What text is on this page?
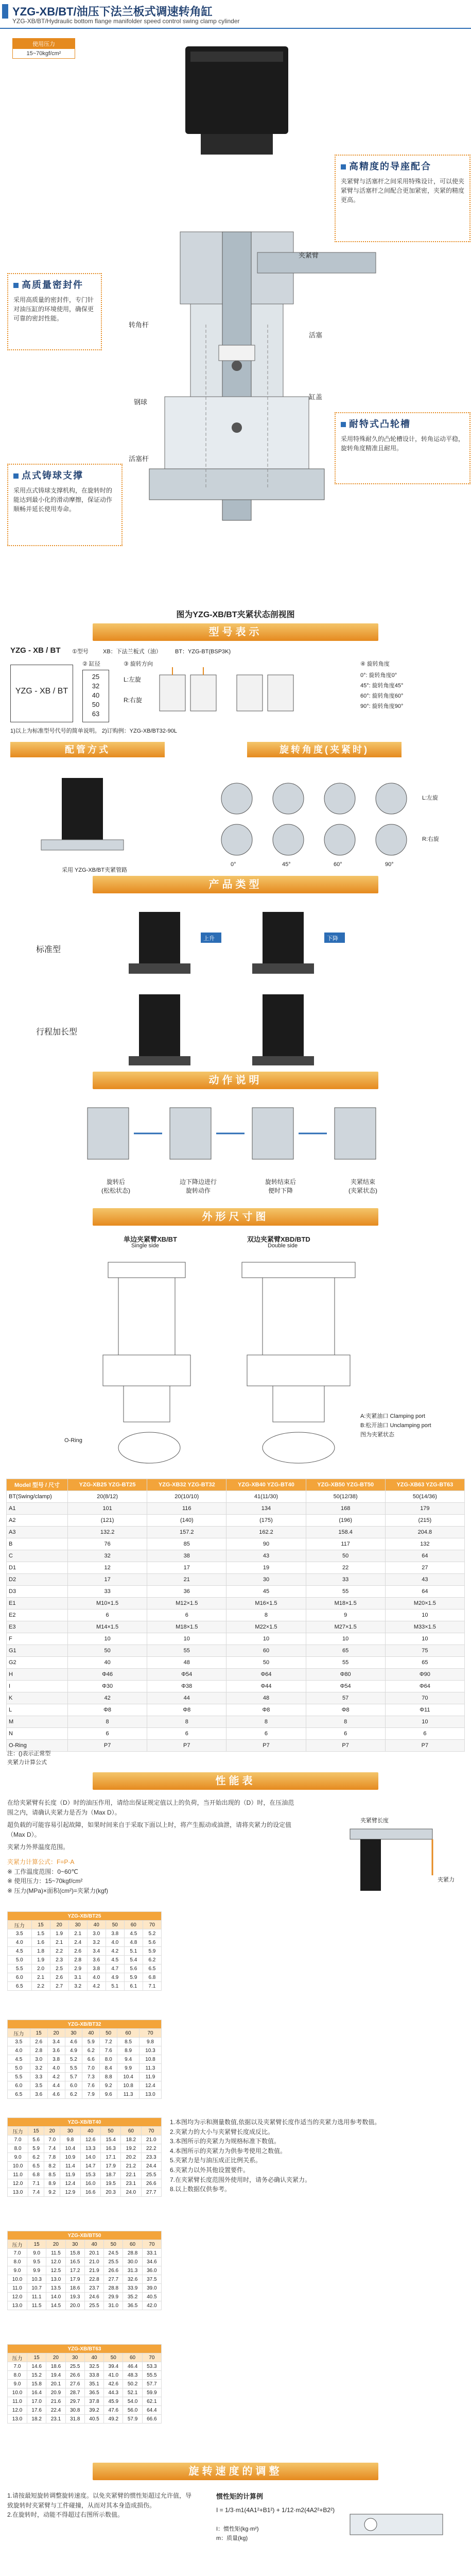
YZG-XB/BT/油压下法兰板式调速转角缸
YZG-XB/BT/Hydraulic bottom flange manifolder speed control swing clamp cylinder
使用压力
15~70kgf/cm²
夹紧臂
活塞
缸盖
转角杆
钢球
活塞杆
高质量密封件

采用高质量的密封件，专门针对油压缸的环境使用，确保更可靠的密封性能。

高精度的导座配合

夹紧臂与活塞杆之间采用特殊设计，可以使夹紧臂与活塞杆之间配合更加紧密，夹紧的精度更高。

耐特式凸轮槽

采用特殊耐久的凸轮槽设计，转角运动平稳，旋转角度精准且耐用。

点式铸球支撑

采用点式铸球支撑机构，在旋转时的能达到最小化的滑动摩擦，保证动作顺畅并延长使用寿命。

图为YZG-XB/BT夹紧状态剖视图
型号表示
YZG - XB / BT ①型号	XB：下法兰板式（油） BT：YZG-BT(BSP3K)
YZG - XB / BT
② 缸径
25
32
40
50
63
③ 旋转方向
L:左旋
R:右旋
④ 旋转角度
0°: 旋转角度0°
45°: 旋转角度45°
60°: 旋转角度60°
90°: 旋转角度90°
1)以上为标准型号代号的简单说明。 2)订购例：YZG-XB/BT32-90L
配管方式	旋转角度(夹紧时)
采用 YZG-XB/BT夹紧管路
0°	45°	60°	90°
L:左旋
R:右旋
产品类型
标准型
行程加长型
上升	下降
动作说明
旋转后
(松松状态)
边下降边进行
旋转动作
旋转结束后
便时下降
夹紧结束
(夹紧状态)
外形尺寸图
单边夹紧臂XB/BT
Single side
双边夹紧臂XBD/BTD
Double side
O-Ring
A:夹紧油口 Clamping port
B:松开油口 Unclamping port
图为夹紧状态
Model 型号 / 尺寸	YZG-XB25 YZG-BT25	YZG-XB32 YZG-BT32	YZG-XB40 YZG-BT40	YZG-XB50 YZG-BT50	YZG-XB63 YZG-BT63
BT(Swing/clamp)	20(8/12)	20(10/10)	41(11/30)	50(12/38)	50(14/36)
A1	101	116	134	168	179
A2	(121)	(140)	(175)	(196)	(215)
A3	132.2	157.2	162.2	158.4	204.8
B	76	85	90	117	132
C	32	38	43	50	64
D1	12	17	19	22	27
D2	17	21	30	33	43
D3	33	36	45	55	64
E1	M10×1.5	M12×1.5	M16×1.5	M18×1.5	M20×1.5
E2	6	6	8	9	10
E3	M14×1.5	M18×1.5	M22×1.5	M27×1.5	M33×1.5
F	10	10	10	10	10
G1	50	55	60	65	75
G2	40	48	50	55	65
H	Φ46	Φ54	Φ64	Φ80	Φ90
I	Φ30	Φ38	Φ44	Φ54	Φ64
K	42	44	48	57	70
L	Φ8	Φ8	Φ8	Φ8	Φ11
M	8	8	8	8	10
N	6	6	6	6	6
O-Ring	P7	P7	P7	P7	P7
注：()表示正常型
夹紧力计算公式
性能表
在给夹紧臂有长度（D）时的油压作用，请给出保证规定值以上的负荷，当开始出现的（D）时，在压油范围之内，请确认夹紧力是否为（Max D）。
超负载的可能容易引起故障，如果时间来自于采取下面以上时，将产生振动或油泄，请将夹紧力的设定值（Max D）。
夹紧力外界温度范围。
夹紧力计算公式：F=P·A
※ 工作温度范围：0~60℃
※ 使用压力：15~70kgf/cm²
※ 压力(MPa)×面积(cm²)=夹紧力(kgf)
夹紧臂长度
夹紧力
YZG-XB/BT25							
压力	15	20	30	40	50	60	70
3.5	1.5	1.9	2.1	3.0	3.8	4.5	5.2
4.0	1.6	2.1	2.4	3.2	4.0	4.8	5.6
4.5	1.8	2.2	2.6	3.4	4.2	5.1	5.9
5.0	1.9	2.3	2.8	3.6	4.5	5.4	6.2
5.5	2.0	2.5	2.9	3.8	4.7	5.6	6.5
6.0	2.1	2.6	3.1	4.0	4.9	5.9	6.8
6.5	2.2	2.7	3.2	4.2	5.1	6.1	7.1
YZG-XB/BT32							
压力	15	20	30	40	50	60	70
3.5	2.6	3.4	4.6	5.9	7.2	8.5	9.8
4.0	2.8	3.6	4.9	6.2	7.6	8.9	10.3
4.5	3.0	3.8	5.2	6.6	8.0	9.4	10.8
5.0	3.2	4.0	5.5	7.0	8.4	9.9	11.3
5.5	3.3	4.2	5.7	7.3	8.8	10.4	11.9
6.0	3.5	4.4	6.0	7.6	9.2	10.8	12.4
6.5	3.6	4.6	6.2	7.9	9.6	11.3	13.0
YZG-XB/BT40							
压力	15	20	30	40	50	60	70
7.0	5.6	7.0	9.8	12.6	15.4	18.2	21.0
8.0	5.9	7.4	10.4	13.3	16.3	19.2	22.2
9.0	6.2	7.8	10.9	14.0	17.1	20.2	23.3
10.0	6.5	8.2	11.4	14.7	17.9	21.2	24.4
11.0	6.8	8.5	11.9	15.3	18.7	22.1	25.5
12.0	7.1	8.9	12.4	16.0	19.5	23.1	26.6
13.0	7.4	9.2	12.9	16.6	20.3	24.0	27.7
YZG-XB/BT50							
压力	15	20	30	40	50	60	70
7.0	9.0	11.5	15.8	20.1	24.5	28.8	33.1
8.0	9.5	12.0	16.5	21.0	25.5	30.0	34.6
9.0	9.9	12.5	17.2	21.9	26.6	31.3	36.0
10.0	10.3	13.0	17.9	22.8	27.7	32.6	37.5
11.0	10.7	13.5	18.6	23.7	28.8	33.9	39.0
12.0	11.1	14.0	19.3	24.6	29.9	35.2	40.5
13.0	11.5	14.5	20.0	25.5	31.0	36.5	42.0
YZG-XB/BT63							
压力	15	20	30	40	50	60	70
7.0	14.6	18.6	25.5	32.5	39.4	46.4	53.3
8.0	15.2	19.4	26.6	33.8	41.0	48.3	55.5
9.0	15.8	20.1	27.6	35.1	42.6	50.2	57.7
10.0	16.4	20.9	28.7	36.5	44.3	52.1	59.9
11.0	17.0	21.6	29.7	37.8	45.9	54.0	62.1
12.0	17.6	22.4	30.8	39.2	47.6	56.0	64.4
13.0	18.2	23.1	31.8	40.5	49.2	57.9	66.6
1.本图均为示和测量数值,依据以及夹紧臂长度作适当的夹紧力选用参考数值。
2.夹紧力的大小与夹紧臂长度成反比。
3.本图所示的夹紧力为规格标准下数值。
4.本图所示的夹紧力为供参考使用之数值。
5.夹紧力是与油压成正比例关系。
6.夹紧力以外其他设置要件。
7.在夹紧臂长度范围外使用时，请务必确认夹紧力。
8.以上数据仅供参考。
旋转速度的调整
1.请按最短旋转调整旋转速度。以免夹紧臂的惯性矩超过允许值，导致旋转时夹紧臂与工件碰撞，从而对其本身造成损伤。
2.在旋转时，动能不得超过右图所示数值。
惯性矩的计算例
I = 1/3·m1(4A1²+B1²) + 1/12·m2(4A2²+B2²)
I：惯性矩(kg·m²)
m：质量(kg)
